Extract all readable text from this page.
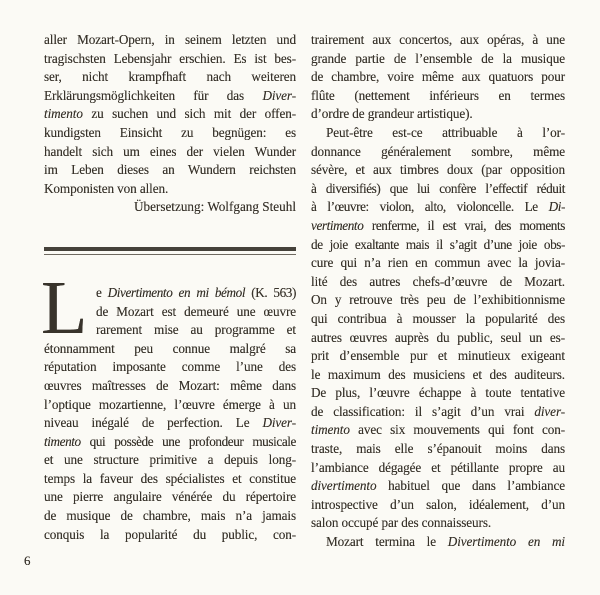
aller Mozart-Opern, in seinem letzten und
tragischsten Lebensjahr erschien. Es ist bes-
ser, nicht krampfhaft nach weiteren
Erklärungsmöglichkeiten für das Diver-
timento zu suchen und sich mit der offen-
kundigsten Einsicht zu begnügen: es
handelt sich um eines der vielen Wunder
im Leben dieses an Wundern reichsten
Komponisten von allen.
Übersetzung: Wolfgang Steuhl
L e Divertimento en mi bémol (K. 563)
de Mozart est demeuré une œuvre
rarement mise au programme et
étonnamment peu connue malgré sa
réputation imposante comme l’une des
œuvres maîtresses de Mozart: même dans
l’optique mozartienne, l’œuvre émerge à un
niveau inégalé de perfection. Le Diver-
timento qui possède une profondeur musicale
et une structure primitive a depuis long-
temps la faveur des spécialistes et constitue
une pierre angulaire vénérée du répertoire
de musique de chambre, mais n’a jamais
conquis la popularité du public, con-
trairement aux concertos, aux opéras, à une
grande partie de l’ensemble de la musique
de chambre, voire même aux quatuors pour
flûte (nettement inférieurs en termes
d’ordre de grandeur artistique).
Peut-être est-ce attribuable à l’or-
donnance généralement sombre, même
sévère, et aux timbres doux (par opposition
à diversifiés) que lui confère l’effectif réduit
à l’œuvre: violon, alto, violoncelle. Le Di-
vertimento renferme, il est vrai, des moments
de joie exaltante mais il s’agit d’une joie obs-
cure qui n’a rien en commun avec la jovia-
lité des autres chefs-d’œuvre de Mozart.
On y retrouve très peu de l’exhibitionnisme
qui contribua à mousser la popularité des
autres œuvres auprès du public, seul un es-
prit d’ensemble pur et minutieux exigeant
le maximum des musiciens et des auditeurs.
De plus, l’œuvre échappe à toute tentative
de classification: il s’agit d’un vrai diver-
timento avec six mouvements qui font con-
traste, mais elle s’épanouit moins dans
l’ambiance dégagée et pétillante propre au
divertimento habituel que dans l’ambiance
introspective d’un salon, idéalement, d’un
salon occupé par des connaisseurs.
Mozart termina le Divertimento en mi
6
